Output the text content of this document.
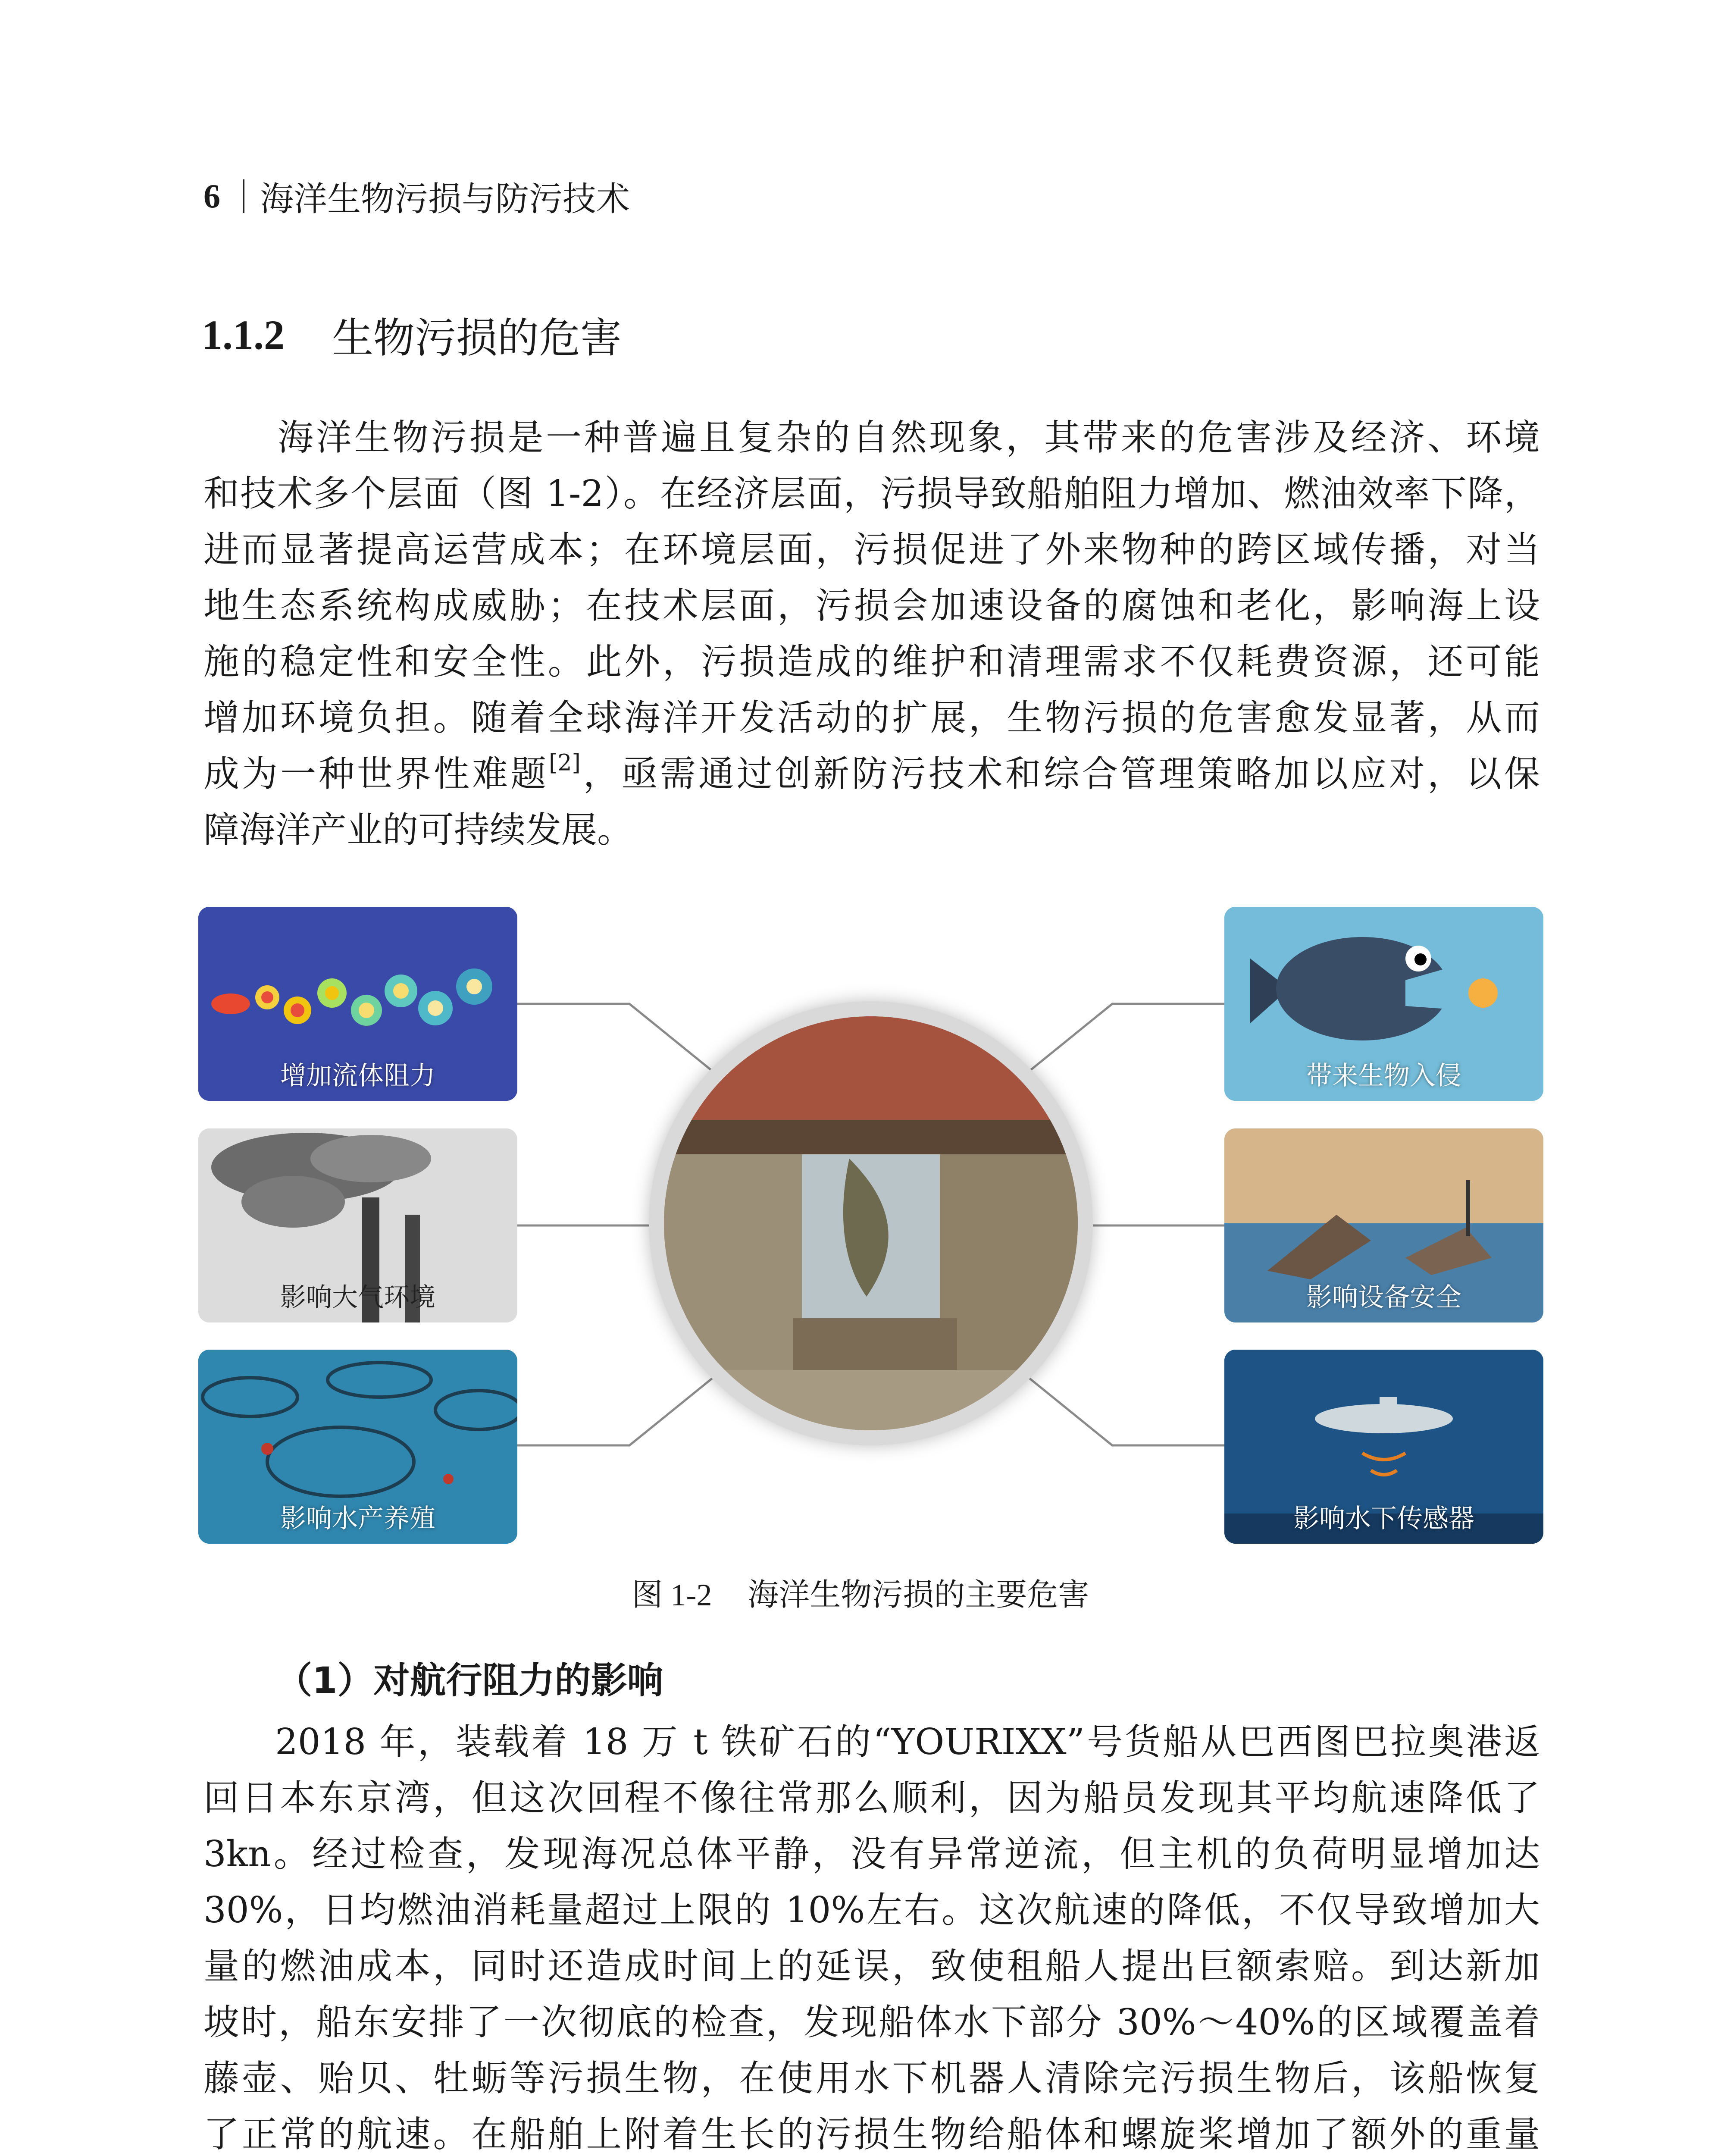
6 海洋生物污损与防污技术
1.1.2 生物污损的危害
海洋生物污损是一种普遍且复杂的自然现象，其带来的危害涉及经济、环境
和技术多个层面（图 1-2）。在经济层面，污损导致船舶阻力增加、燃油效率下降，
进而显著提高运营成本；在环境层面，污损促进了外来物种的跨区域传播，对当
地生态系统构成威胁；在技术层面，污损会加速设备的腐蚀和老化，影响海上设
施的稳定性和安全性。此外，污损造成的维护和清理需求不仅耗费资源，还可能
增加环境负担。随着全球海洋开发活动的扩展，生物污损的危害愈发显著，从而
成为一种世界性难题[2]，亟需通过创新防污技术和综合管理策略加以应对，以保
障海洋产业的可持续发展。
增加流体阻力
影响大气环境
影响水产养殖
带来生物入侵
影响设备安全
影响水下传感器
图 1-2 海洋生物污损的主要危害
（1）对航行阻力的影响
2018 年，装载着 18 万 t 铁矿石的“YOURIXX”号货船从巴西图巴拉奥港返
回日本东京湾，但这次回程不像往常那么顺利，因为船员发现其平均航速降低了
3kn。经过检查，发现海况总体平静，没有异常逆流，但主机的负荷明显增加达
30%，日均燃油消耗量超过上限的 10%左右。这次航速的降低，不仅导致增加大
量的燃油成本，同时还造成时间上的延误，致使租船人提出巨额索赔。到达新加
坡时，船东安排了一次彻底的检查，发现船体水下部分 30%～40%的区域覆盖着
藤壶、贻贝、牡蛎等污损生物，在使用水下机器人清除完污损生物后，该船恢复
了正常的航速。在船舶上附着生长的污损生物给船体和螺旋桨增加了额外的重量
